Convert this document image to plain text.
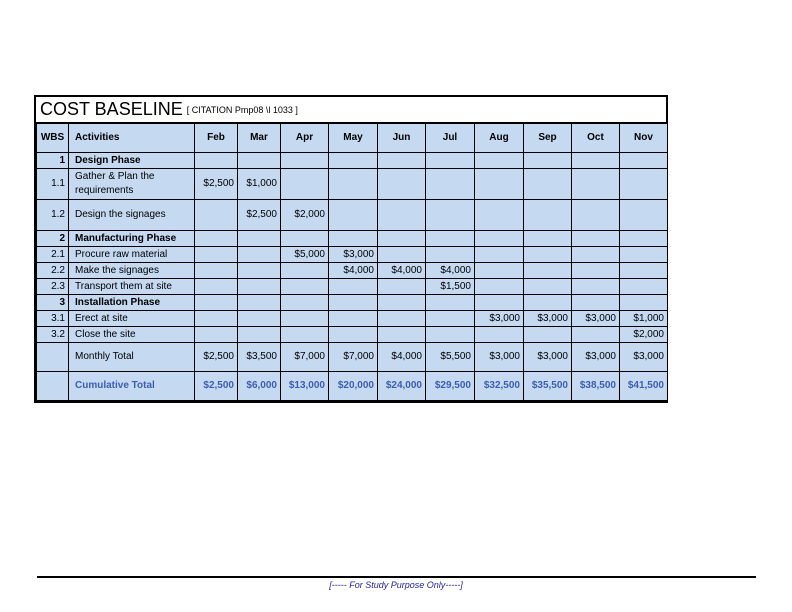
COST BASELINE [ CITATION Pmp08 \l 1033 ]
WBS	Activities	Feb	Mar	Apr	May	Jun	Jul	Aug	Sep	Oct	Nov
1	Design Phase										
1.1	Gather & Plan the requirements	$2,500	$1,000								
1.2	Design the signages		$2,500	$2,000							
2	Manufacturing Phase										
2.1	Procure raw material			$5,000	$3,000						
2.2	Make the signages				$4,000	$4,000	$4,000				
2.3	Transport them at site						$1,500				
3	Installation Phase										
3.1	Erect at site							$3,000	$3,000	$3,000	$1,000
3.2	Close the site										$2,000
	Monthly Total	$2,500	$3,500	$7,000	$7,000	$4,000	$5,500	$3,000	$3,000	$3,000	$3,000
	Cumulative Total	$2,500	$6,000	$13,000	$20,000	$24,000	$29,500	$32,500	$35,500	$38,500	$41,500
[----- For Study Purpose Only-----]
